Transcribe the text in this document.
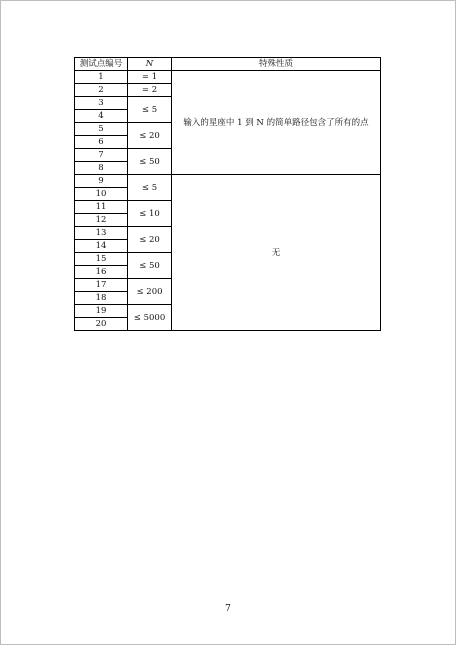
测试点编号	N	特殊性质
1	= 1	输入的星座中 1 到 N 的简单路径包含了所有的点
2	= 2	
3	≤ 5	
4		
5	≤ 20	
6		
7	≤ 50	
8		
9	≤ 5	无
10		
11	≤ 10	
12		
13	≤ 20	
14		
15	≤ 50	
16		
17	≤ 200	
18		
19	≤ 5000	
20		
7
